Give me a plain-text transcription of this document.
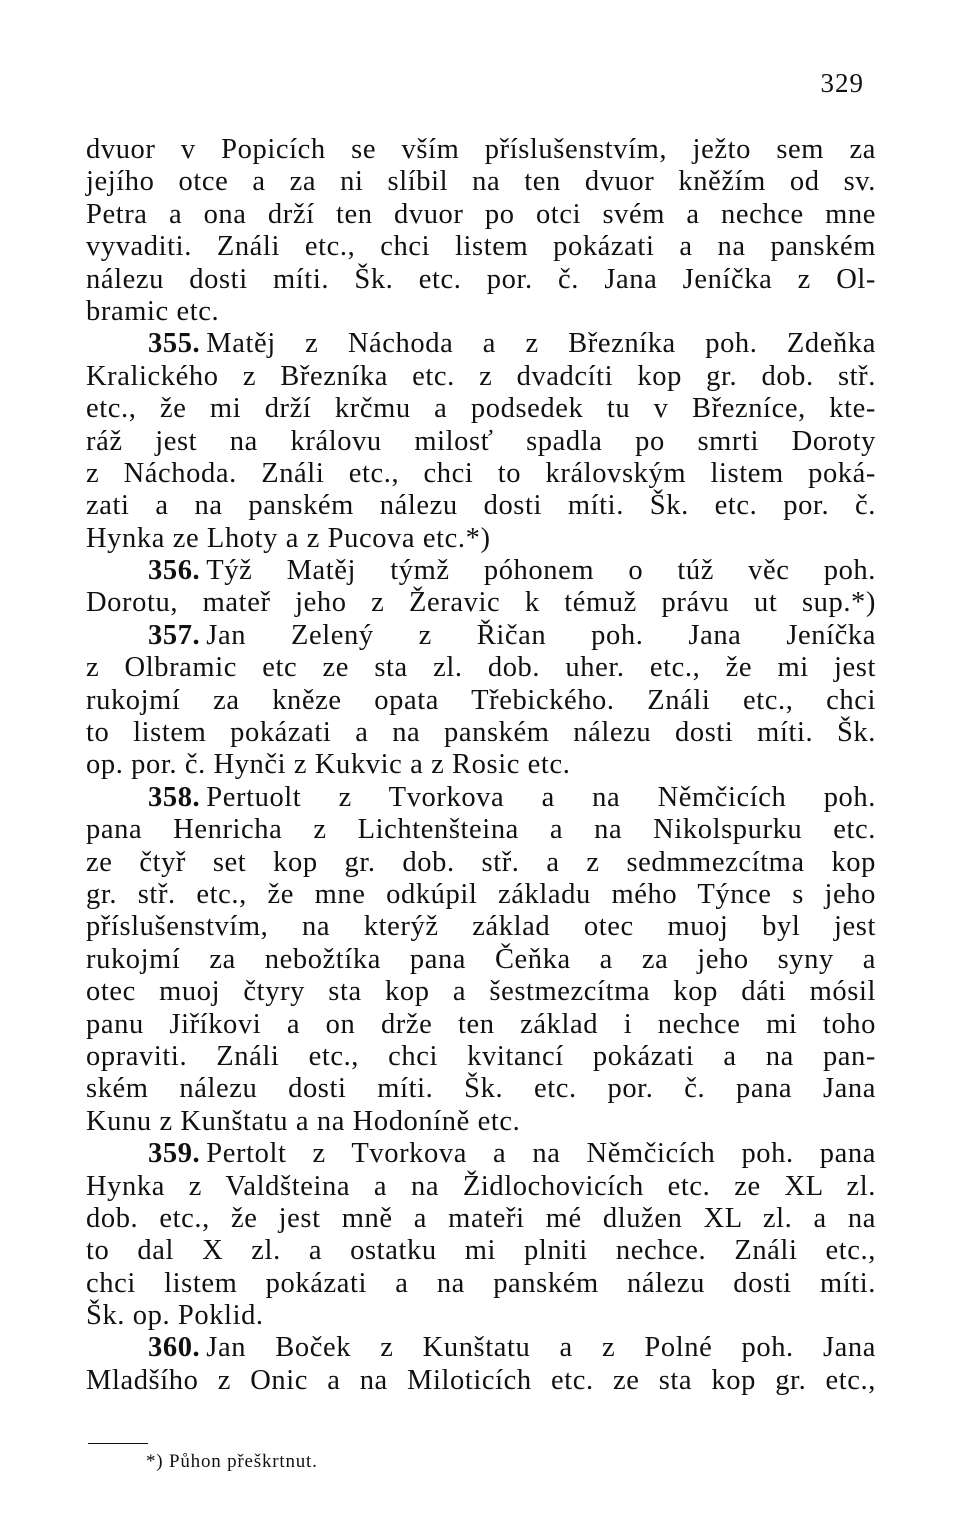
329
dvuor v Popicích se vším příslušenstvím, ježto sem za
jejího otce a za ni slíbil na ten dvuor kněžím od sv.
Petra a ona drží ten dvuor po otci svém a nechce mne
vyvaditi. Ználi etc., chci listem pokázati a na panském
nálezu dosti míti. Šk. etc. por. č. Jana Jeníčka z Ol-
bramic etc.
355. Matěj z Náchoda a z Březníka poh. Zdeňka
Kralického z Březníka etc. z dvadcíti kop gr. dob. stř.
etc., že mi drží krčmu a podsedek tu v Březníce, kte-
ráž jest na královu milosť spadla po smrti Doroty
z Náchoda. Ználi etc., chci to královským listem poká-
zati a na panském nálezu dosti míti. Šk. etc. por. č.
Hynka ze Lhoty a z Pucova etc.*)
356. Týž Matěj týmž póhonem o túž věc poh.
Dorotu, mateř jeho z Žeravic k témuž právu ut sup.*)
357. Jan Zelený z Řičan poh. Jana Jeníčka
z Olbramic etc ze sta zl. dob. uher. etc., že mi jest
rukojmí za kněze opata Třebického. Ználi etc., chci
to listem pokázati a na panském nálezu dosti míti. Šk.
op. por. č. Hynči z Kukvic a z Rosic etc.
358. Pertuolt z Tvorkova a na Němčicích poh.
pana Henricha z Lichtenšteina a na Nikolspurku etc.
ze čtyř set kop gr. dob. stř. a z sedmmezcítma kop
gr. stř. etc., že mne odkúpil základu mého Týnce s jeho
příslušenstvím, na kterýž základ otec muoj byl jest
rukojmí za nebožtíka pana Čeňka a za jeho syny a
otec muoj čtyry sta kop a šestmezcítma kop dáti mósil
panu Jiříkovi a on drže ten základ i nechce mi toho
opraviti. Ználi etc., chci kvitancí pokázati a na pan-
ském nálezu dosti míti. Šk. etc. por. č. pana Jana
Kunu z Kunštatu a na Hodoníně etc.
359. Pertolt z Tvorkova a na Němčicích poh. pana
Hynka z Valdšteina a na Židlochovicích etc. ze XL zl.
dob. etc., že jest mně a mateři mé dlužen XL zl. a na
to dal X zl. a ostatku mi plniti nechce. Ználi etc.,
chci listem pokázati a na panském nálezu dosti míti.
Šk. op. Poklid.
360. Jan Boček z Kunštatu a z Polné poh. Jana
Mladšího z Onic a na Miloticích etc. ze sta kop gr. etc.,
*) Půhon přeškrtnut.
